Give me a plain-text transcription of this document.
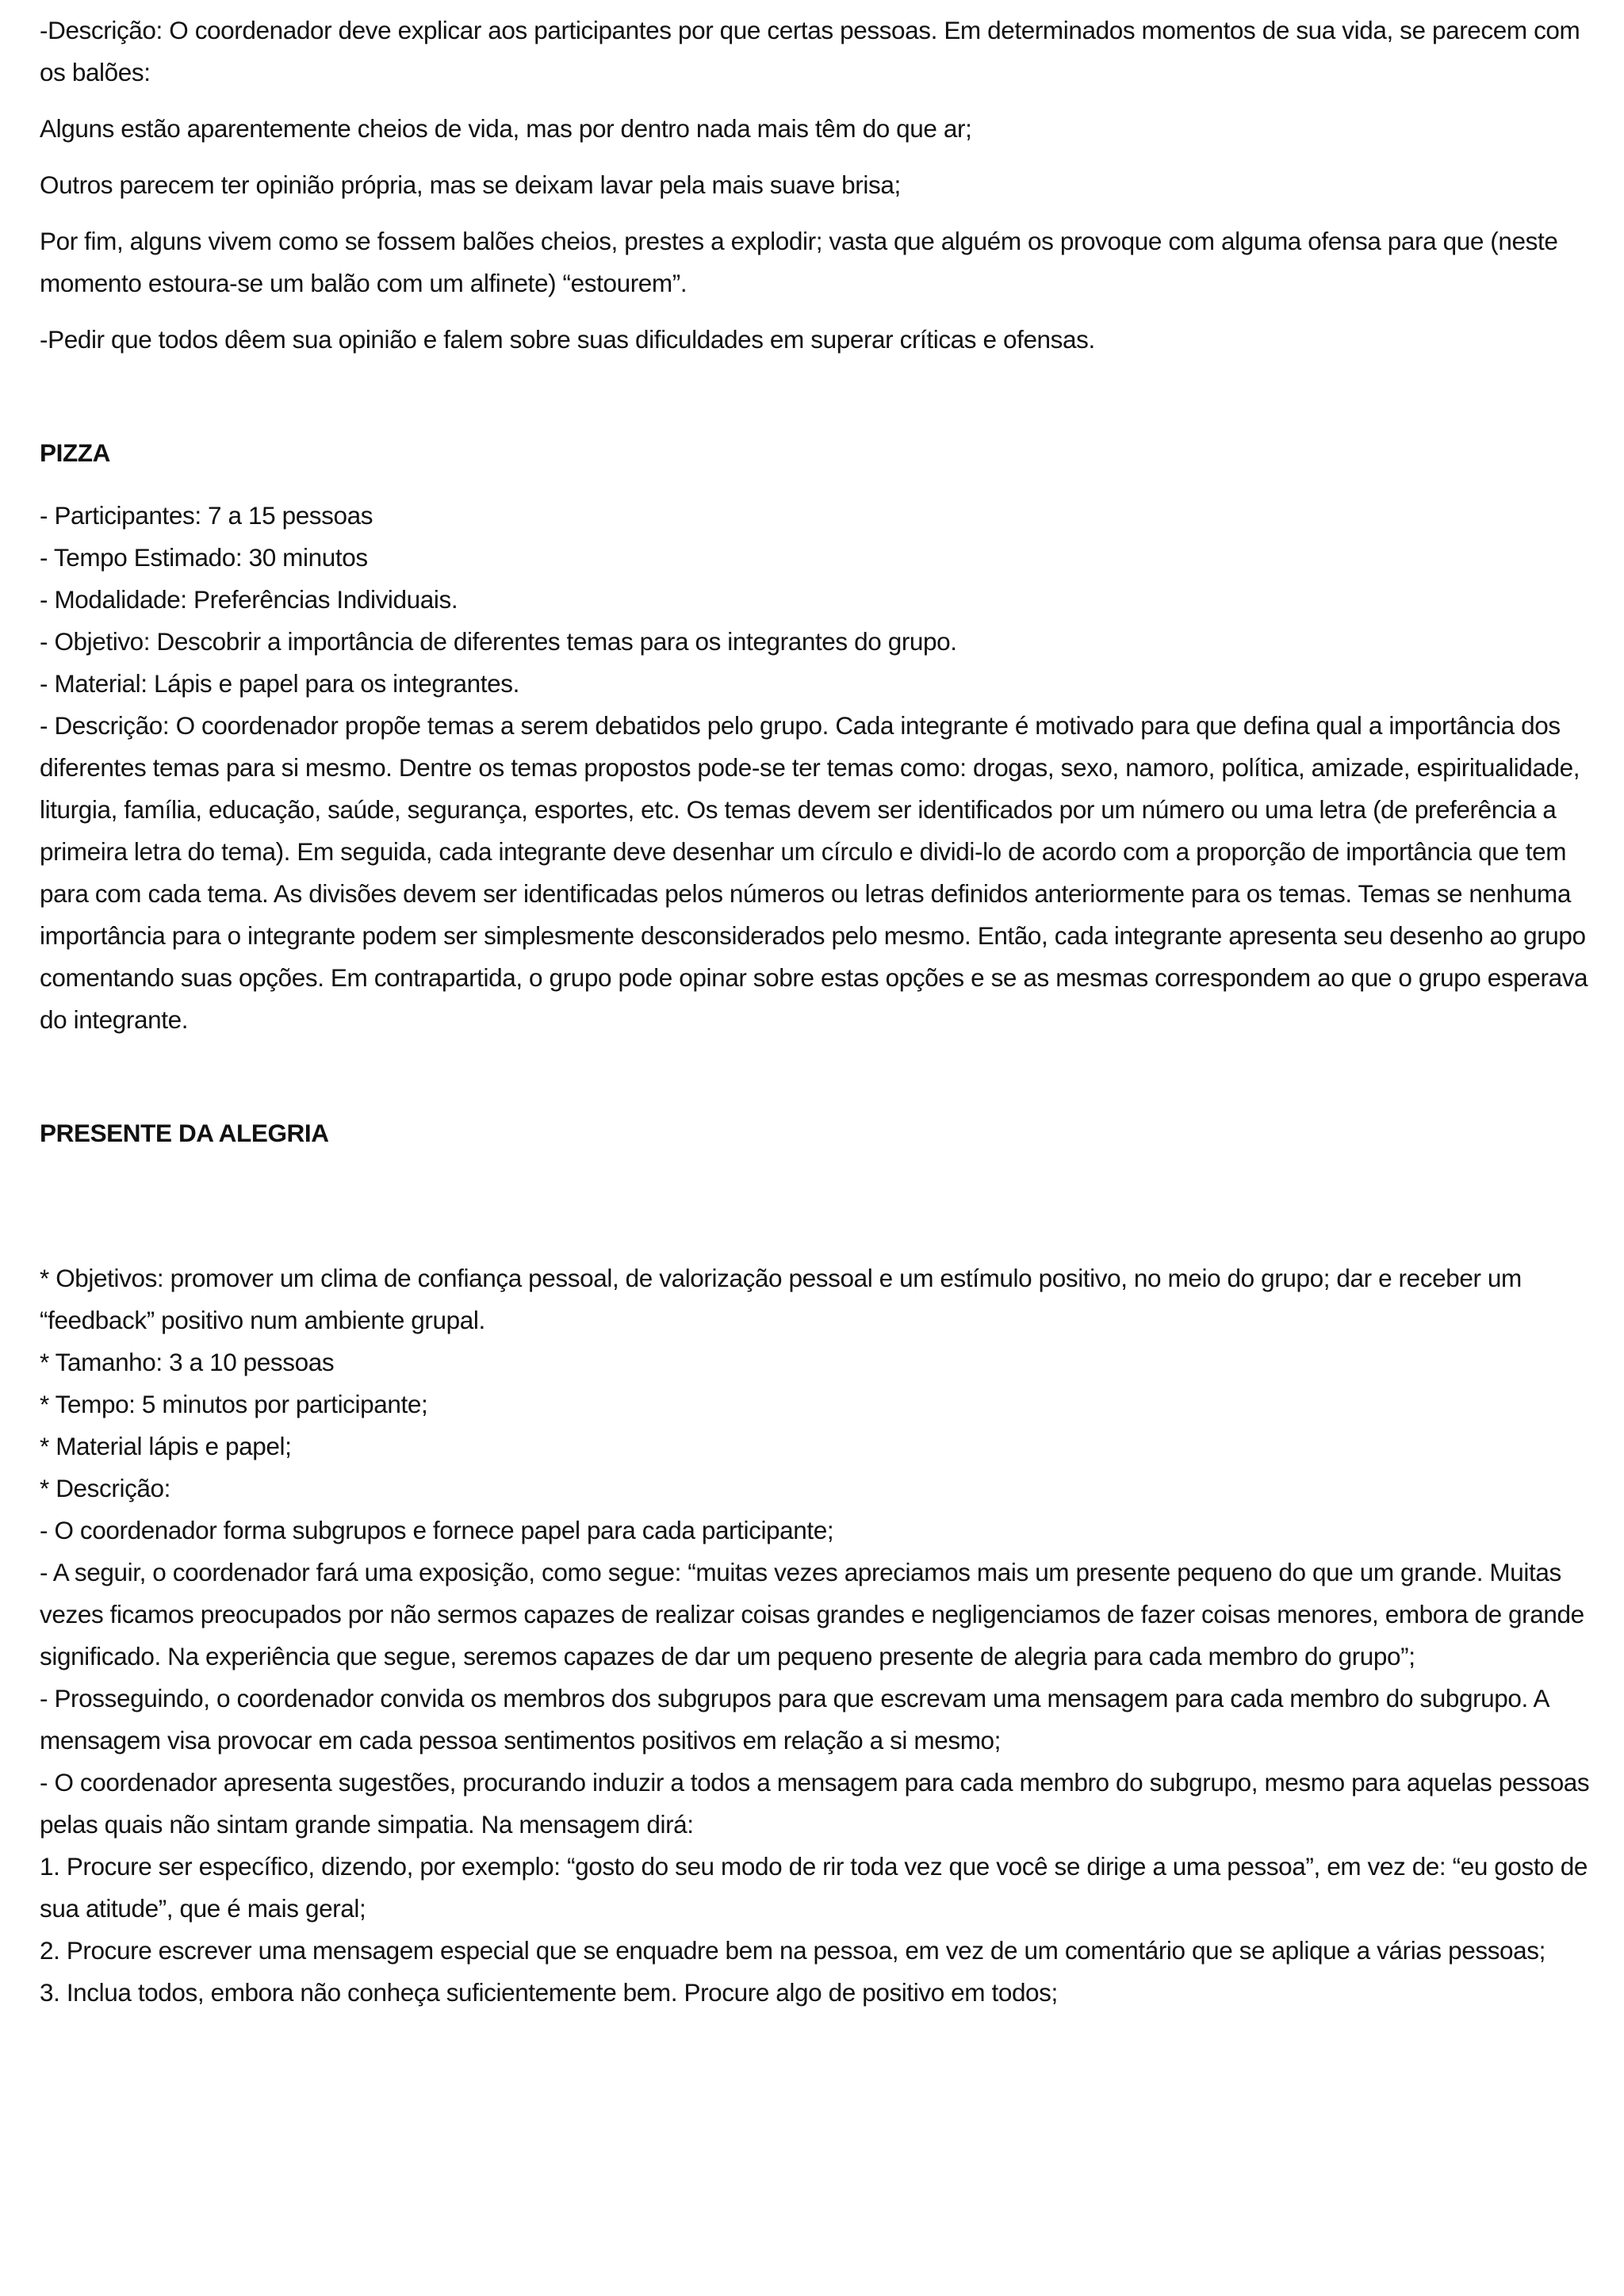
-Descrição: O coordenador deve explicar aos participantes por que certas pessoas. Em determinados momentos de sua vida, se parecem com os balões:

Alguns estão aparentemente cheios de vida, mas por dentro nada mais têm do que ar;

Outros parecem ter opinião própria, mas se deixam lavar pela mais suave brisa;

Por fim, alguns vivem como se fossem balões cheios, prestes a explodir; vasta que alguém os provoque com alguma ofensa para que (neste momento estoura-se um balão com um alfinete) “estourem”.

-Pedir que todos dêem sua opinião e falem sobre suas dificuldades em superar críticas e ofensas.

PIZZA

- Participantes: 7 a 15 pessoas

- Tempo Estimado: 30 minutos

- Modalidade: Preferências Individuais.

- Objetivo: Descobrir a importância de diferentes temas para os integrantes do grupo.

- Material: Lápis e papel para os integrantes.

- Descrição: O coordenador propõe temas a serem debatidos pelo grupo. Cada integrante é motivado para que defina qual a importância dos diferentes temas para si mesmo. Dentre os temas propostos pode-se ter temas como: drogas, sexo, namoro, política, amizade, espiritualidade, liturgia, família, educação, saúde, segurança, esportes, etc. Os temas devem ser identificados por um número ou uma letra (de preferência a primeira letra do tema). Em seguida, cada integrante deve desenhar um círculo e dividi-lo de acordo com a proporção de importância que tem para com cada tema. As divisões devem ser identificadas pelos números ou letras definidos anteriormente para os temas. Temas se nenhuma importância para o integrante podem ser simplesmente desconsiderados pelo mesmo. Então, cada integrante apresenta seu desenho ao grupo comentando suas opções. Em contrapartida, o grupo pode opinar sobre estas opções e se as mesmas correspondem ao que o grupo esperava do integrante.

PRESENTE DA ALEGRIA

* Objetivos: promover um clima de confiança pessoal, de valorização pessoal e um estímulo positivo, no meio do grupo; dar e receber um “feedback” positivo num ambiente grupal.

* Tamanho: 3 a 10 pessoas

* Tempo: 5 minutos por participante;

* Material lápis e papel;

* Descrição:

- O coordenador forma subgrupos e fornece papel para cada participante;

- A seguir, o coordenador fará uma exposição, como segue: “muitas vezes apreciamos mais um presente pequeno do que um grande. Muitas vezes ficamos preocupados por não sermos capazes de realizar coisas grandes e negligenciamos de fazer coisas menores, embora de grande significado. Na experiência que segue, seremos capazes de dar um pequeno presente de alegria para cada membro do grupo”;

- Prosseguindo, o coordenador convida os membros dos subgrupos para que escrevam uma mensagem para cada membro do subgrupo. A mensagem visa provocar em cada pessoa sentimentos positivos em relação a si mesmo;

- O coordenador apresenta sugestões, procurando induzir a todos a mensagem para cada membro do subgrupo, mesmo para aquelas pessoas pelas quais não sintam grande simpatia. Na mensagem dirá:

1. Procure ser específico, dizendo, por exemplo: “gosto do seu modo de rir toda vez que você se dirige a uma pessoa”, em vez de: “eu gosto de sua atitude”, que é mais geral;

2. Procure escrever uma mensagem especial que se enquadre bem na pessoa, em vez de um comentário que se aplique a várias pessoas;

3. Inclua todos, embora não conheça suficientemente bem. Procure algo de positivo em todos;
